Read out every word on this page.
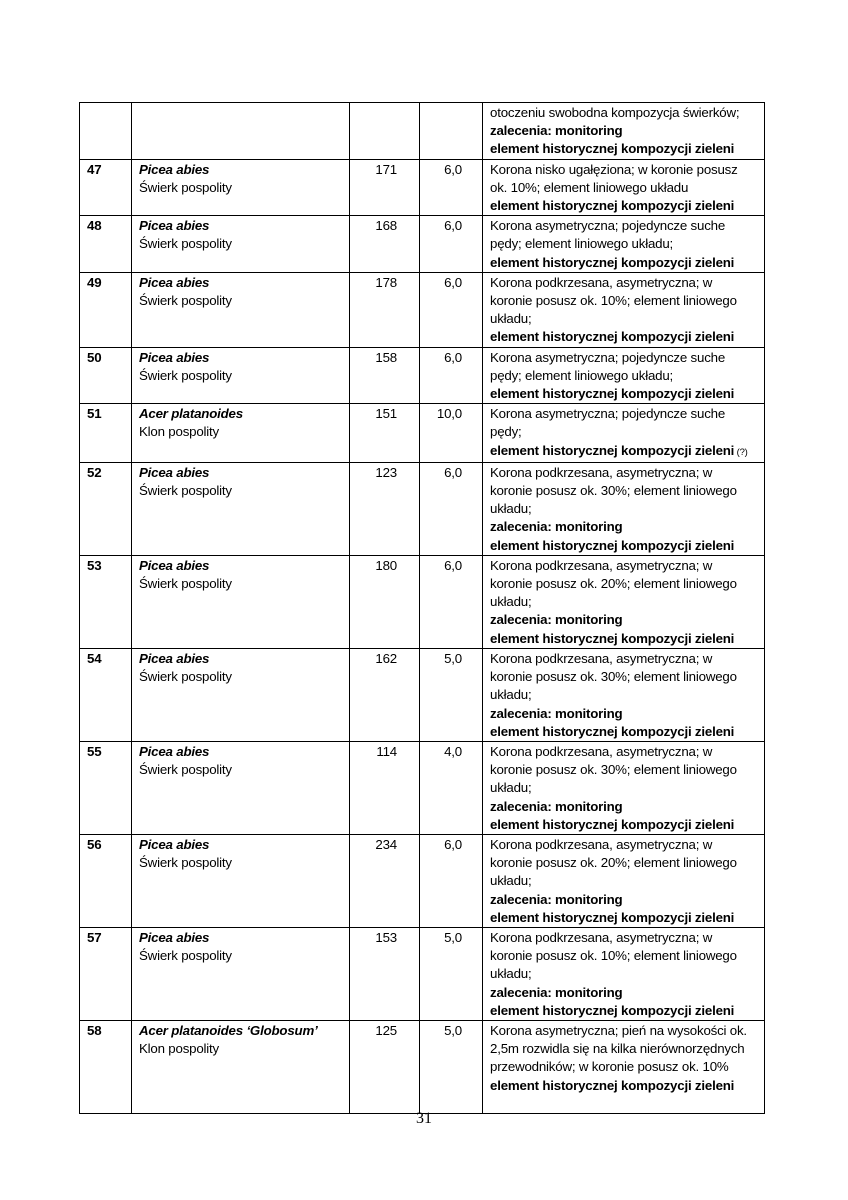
				otoczeniu swobodna kompozycja świerków;
zalecenia: monitoring
element historycznej kompozycji zieleni

47	Picea abies
Świerk pospolity	171	6,0	Korona nisko ugałęziona; w koronie posusz
ok. 10%; element liniowego układu
element historycznej kompozycji zieleni

48	Picea abies
Świerk pospolity	168	6,0	Korona asymetryczna; pojedyncze suche
pędy; element liniowego układu;
element historycznej kompozycji zieleni

49	Picea abies
Świerk pospolity	178	6,0	Korona podkrzesana, asymetryczna; w
koronie posusz ok. 10%; element liniowego
układu;
element historycznej kompozycji zieleni

50	Picea abies
Świerk pospolity	158	6,0	Korona asymetryczna; pojedyncze suche
pędy; element liniowego układu;
element historycznej kompozycji zieleni

51	Acer platanoides
Klon pospolity	151	10,0	Korona asymetryczna; pojedyncze suche
pędy;
element historycznej kompozycji zieleni (?)

52	Picea abies
Świerk pospolity	123	6,0	Korona podkrzesana, asymetryczna; w
koronie posusz ok. 30%; element liniowego
układu;
zalecenia: monitoring
element historycznej kompozycji zieleni

53	Picea abies
Świerk pospolity	180	6,0	Korona podkrzesana, asymetryczna; w
koronie posusz ok. 20%; element liniowego
układu;
zalecenia: monitoring
element historycznej kompozycji zieleni

54	Picea abies
Świerk pospolity	162	5,0	Korona podkrzesana, asymetryczna; w
koronie posusz ok. 30%; element liniowego
układu;
zalecenia: monitoring
element historycznej kompozycji zieleni

55	Picea abies
Świerk pospolity	114	4,0	Korona podkrzesana, asymetryczna; w
koronie posusz ok. 30%; element liniowego
układu;
zalecenia: monitoring
element historycznej kompozycji zieleni

56	Picea abies
Świerk pospolity	234	6,0	Korona podkrzesana, asymetryczna; w
koronie posusz ok. 20%; element liniowego
układu;
zalecenia: monitoring
element historycznej kompozycji zieleni

57	Picea abies
Świerk pospolity	153	5,0	Korona podkrzesana, asymetryczna; w
koronie posusz ok. 10%; element liniowego
układu;
zalecenia: monitoring
element historycznej kompozycji zieleni

58	Acer platanoides ‘Globosum’
Klon pospolity	125	5,0	Korona asymetryczna; pień na wysokości ok.
2,5m rozwidla się na kilka nierównorzędnych
przewodników; w koronie posusz ok. 10%
element historycznej kompozycji zieleni

31
